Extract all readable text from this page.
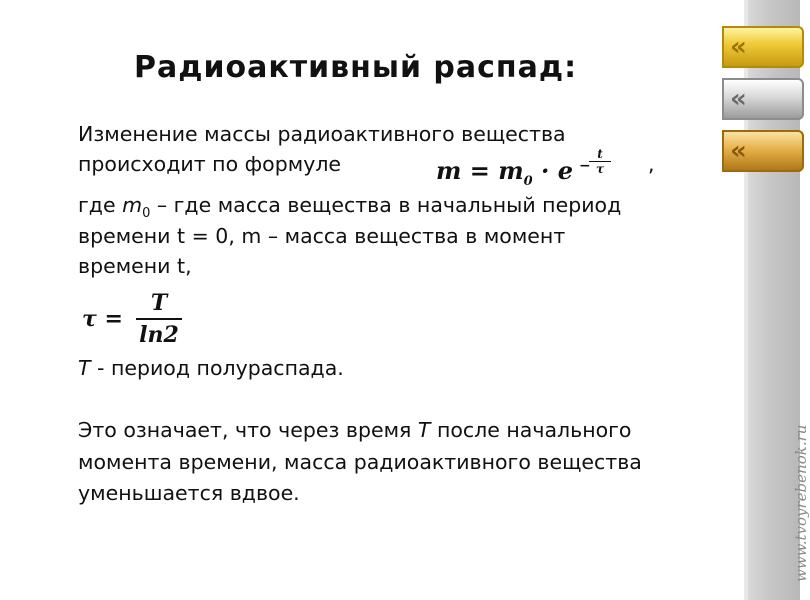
«
«
«
www.tvoyrebenok.ru
Радиоактивный распад:
Изменение массы радиоактивного вещества
происходит по формуле	,
$m = m_0 \cdot e$ −
t
τ
где $m_0$ – где масса вещества в начальный период
времени t = 0, m – масса вещества в момент
времени t,
τ =
T
ln2
T - период полураспада.
Это означает, что через время T после начального
момента времени, масса радиоактивного вещества
уменьшается вдвое.
